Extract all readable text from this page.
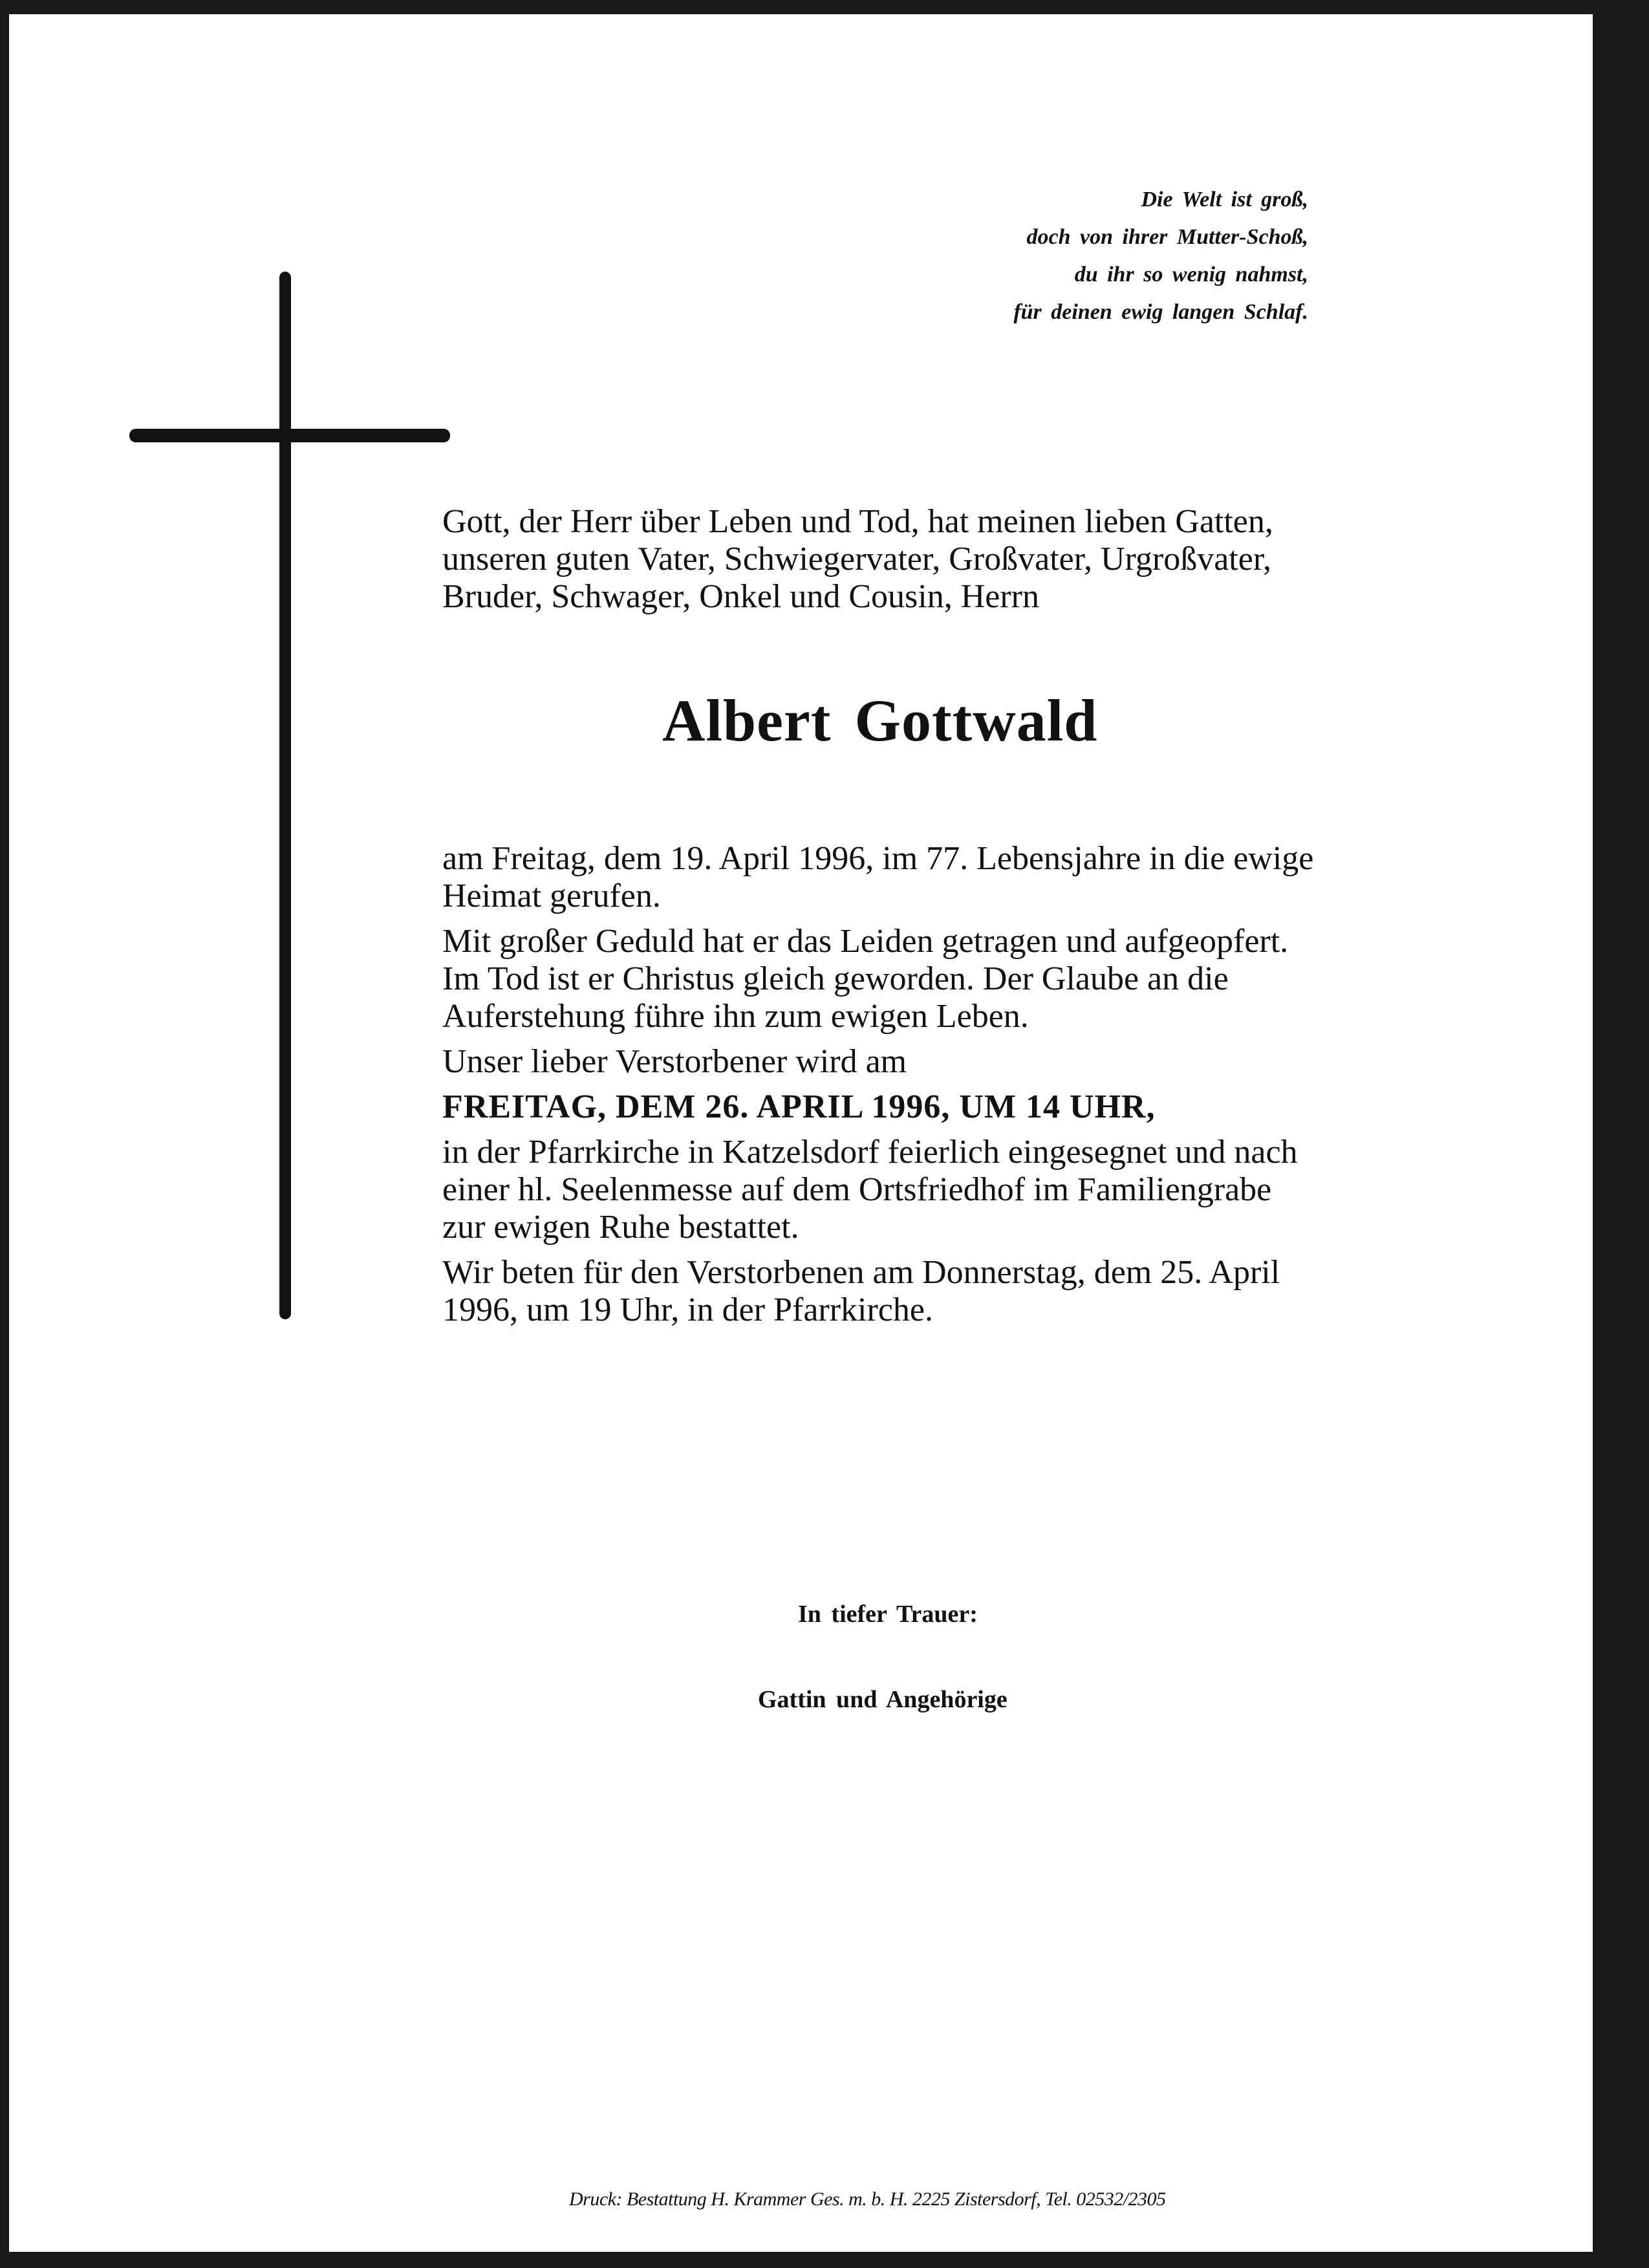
Die Welt ist groß,
doch von ihrer Mutter-Schoß,
du ihr so wenig nahmst,
für deinen ewig langen Schlaf.
Gott, der Herr über Leben und Tod, hat meinen lieben Gatten,
unseren guten Vater, Schwiegervater, Großvater, Urgroßvater,
Bruder, Schwager, Onkel und Cousin, Herrn
Albert Gottwald
am Freitag, dem 19. April 1996, im 77. Lebensjahre in die ewige
Heimat gerufen.
Mit großer Geduld hat er das Leiden getragen und aufgeopfert.
Im Tod ist er Christus gleich geworden. Der Glaube an die
Auferstehung führe ihn zum ewigen Leben.
Unser lieber Verstorbener wird am
FREITAG, DEM 26. APRIL 1996, UM 14 UHR,
in der Pfarrkirche in Katzelsdorf feierlich eingesegnet und nach
einer hl. Seelenmesse auf dem Ortsfriedhof im Familiengrabe
zur ewigen Ruhe bestattet.
Wir beten für den Verstorbenen am Donnerstag, dem 25. April
1996, um 19 Uhr, in der Pfarrkirche.
In tiefer Trauer:
Gattin und Angehörige
Druck: Bestattung H. Krammer Ges. m. b. H. 2225 Zistersdorf, Tel. 02532/2305
